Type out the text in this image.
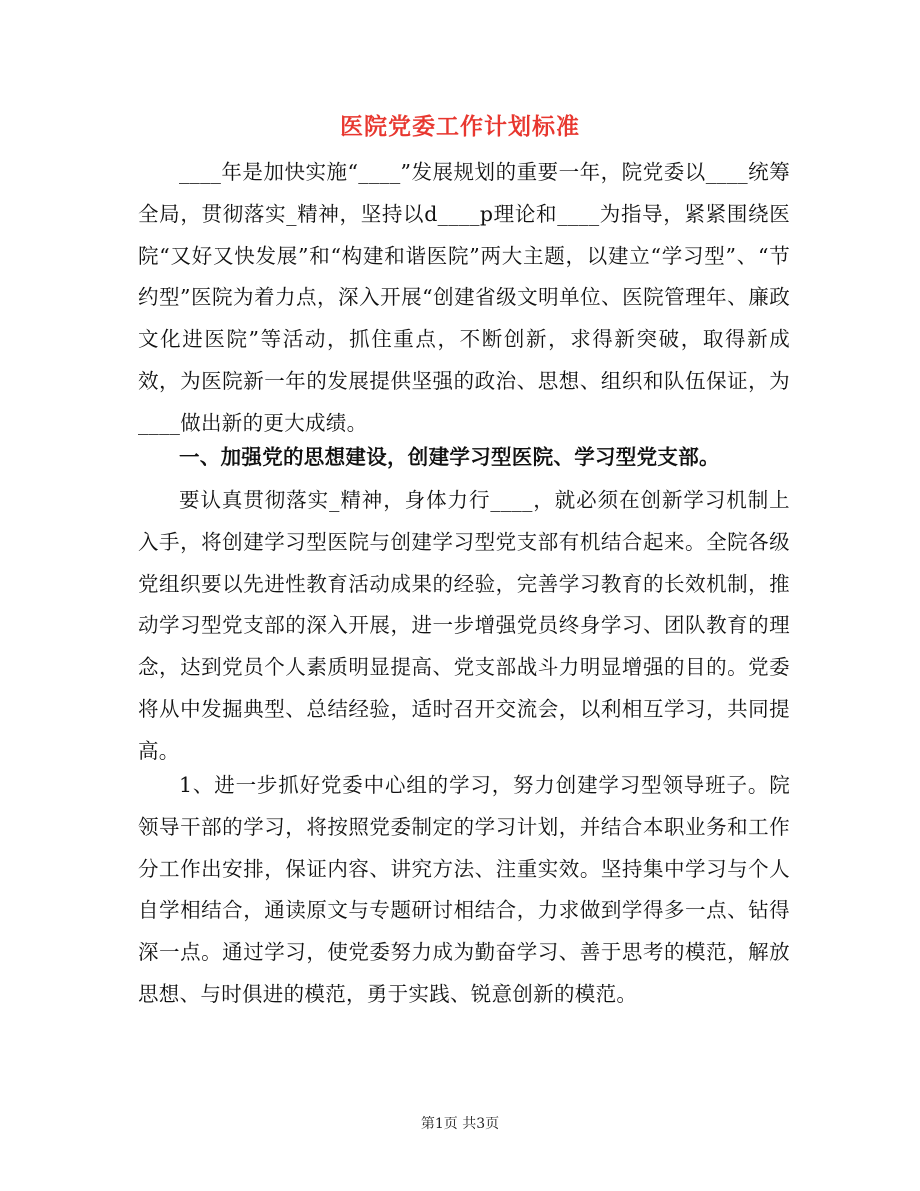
医院党委工作计划标准
____年是加快实施“____”发展规划的重要一年，院党委以____统筹全局，贯彻落实_精神，坚持以d____p理论和____为指导，紧紧围绕医院“又好又快发展”和“构建和谐医院”两大主题，以建立“学习型”、“节约型”医院为着力点，深入开展“创建省级文明单位、医院管理年、廉政文化进医院”等活动，抓住重点，不断创新，求得新突破，取得新成效，为医院新一年的发展提供坚强的政治、思想、组织和队伍保证，为____做出新的更大成绩。
一、加强党的思想建设，创建学习型医院、学习型党支部。
要认真贯彻落实_精神，身体力行____，就必须在创新学习机制上入手，将创建学习型医院与创建学习型党支部有机结合起来。全院各级党组织要以先进性教育活动成果的经验，完善学习教育的长效机制，推动学习型党支部的深入开展，进一步增强党员终身学习、团队教育的理念，达到党员个人素质明显提高、党支部战斗力明显增强的目的。党委将从中发掘典型、总结经验，适时召开交流会，以利相互学习，共同提高。
1、进一步抓好党委中心组的学习，努力创建学习型领导班子。院领导干部的学习，将按照党委制定的学习计划，并结合本职业务和工作分工作出安排，保证内容、讲究方法、注重实效。坚持集中学习与个人自学相结合，通读原文与专题研讨相结合，力求做到学得多一点、钻得深一点。通过学习，使党委努力成为勤奋学习、善于思考的模范，解放思想、与时俱进的模范，勇于实践、锐意创新的模范。
第1页 共3页
